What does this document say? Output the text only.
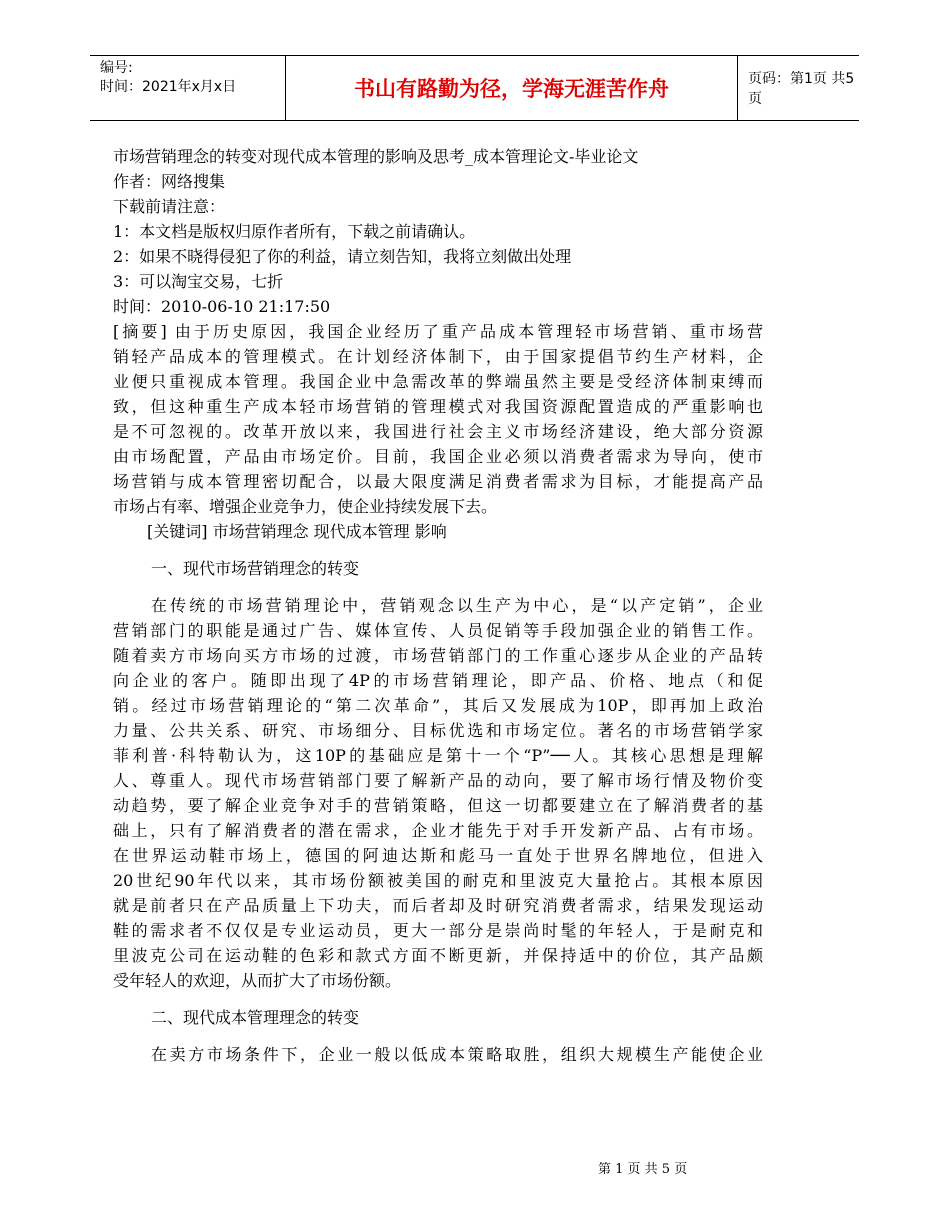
编号:
时间：2021年x月x日	书山有路勤为径，学海无涯苦作舟	页码：第1页 共5页
市场营销理念的转变对现代成本管理的影响及思考_成本管理论文-毕业论文
作者：网络搜集
下载前请注意：
1：本文档是版权归原作者所有，下载之前请确认。
2：如果不晓得侵犯了你的利益，请立刻告知，我将立刻做出处理
3：可以淘宝交易，七折
时间：2010-06-10 21:17:50
[摘要] 由于历史原因，我国企业经历了重产品成本管理轻市场营销、重市场营
销轻产品成本的管理模式。在计划经济体制下，由于国家提倡节约生产材料，企
业便只重视成本管理。我国企业中急需改革的弊端虽然主要是受经济体制束缚而
致，但这种重生产成本轻市场营销的管理模式对我国资源配置造成的严重影响也
是不可忽视的。改革开放以来，我国进行社会主义市场经济建设，绝大部分资源
由市场配置，产品由市场定价。目前，我国企业必须以消费者需求为导向，使市
场营销与成本管理密切配合，以最大限度满足消费者需求为目标，才能提高产品
市场占有率、增强企业竞争力，使企业持续发展下去。
[关键词] 市场营销理念 现代成本管理 影响
一、现代市场营销理念的转变
在传统的市场营销理论中，营销观念以生产为中心，是“以产定销”，企业
营销部门的职能是通过广告、媒体宣传、人员促销等手段加强企业的销售工作。
随着卖方市场向买方市场的过渡，市场营销部门的工作重心逐步从企业的产品转
向企业的客户。随即出现了4P的市场营销理论，即产品、价格、地点（和促
销。经过市场营销理论的“第二次革命”，其后又发展成为10P，即再加上政治
力量、公共关系、研究、市场细分、目标优选和市场定位。著名的市场营销学家
菲利普·科特勒认为，这10P的基础应是第十一个“P”──人。其核心思想是理解
人、尊重人。现代市场营销部门要了解新产品的动向，要了解市场行情及物价变
动趋势，要了解企业竞争对手的营销策略，但这一切都要建立在了解消费者的基
础上，只有了解消费者的潜在需求，企业才能先于对手开发新产品、占有市场。
在世界运动鞋市场上，德国的阿迪达斯和彪马一直处于世界名牌地位，但进入
20世纪90年代以来，其市场份额被美国的耐克和里波克大量抢占。其根本原因
就是前者只在产品质量上下功夫，而后者却及时研究消费者需求，结果发现运动
鞋的需求者不仅仅是专业运动员，更大一部分是崇尚时髦的年轻人，于是耐克和
里波克公司在运动鞋的色彩和款式方面不断更新，并保持适中的价位，其产品颇
受年轻人的欢迎，从而扩大了市场份额。
二、现代成本管理理念的转变
在卖方市场条件下，企业一般以低成本策略取胜，组织大规模生产能使企业
第 1 页 共 5 页
